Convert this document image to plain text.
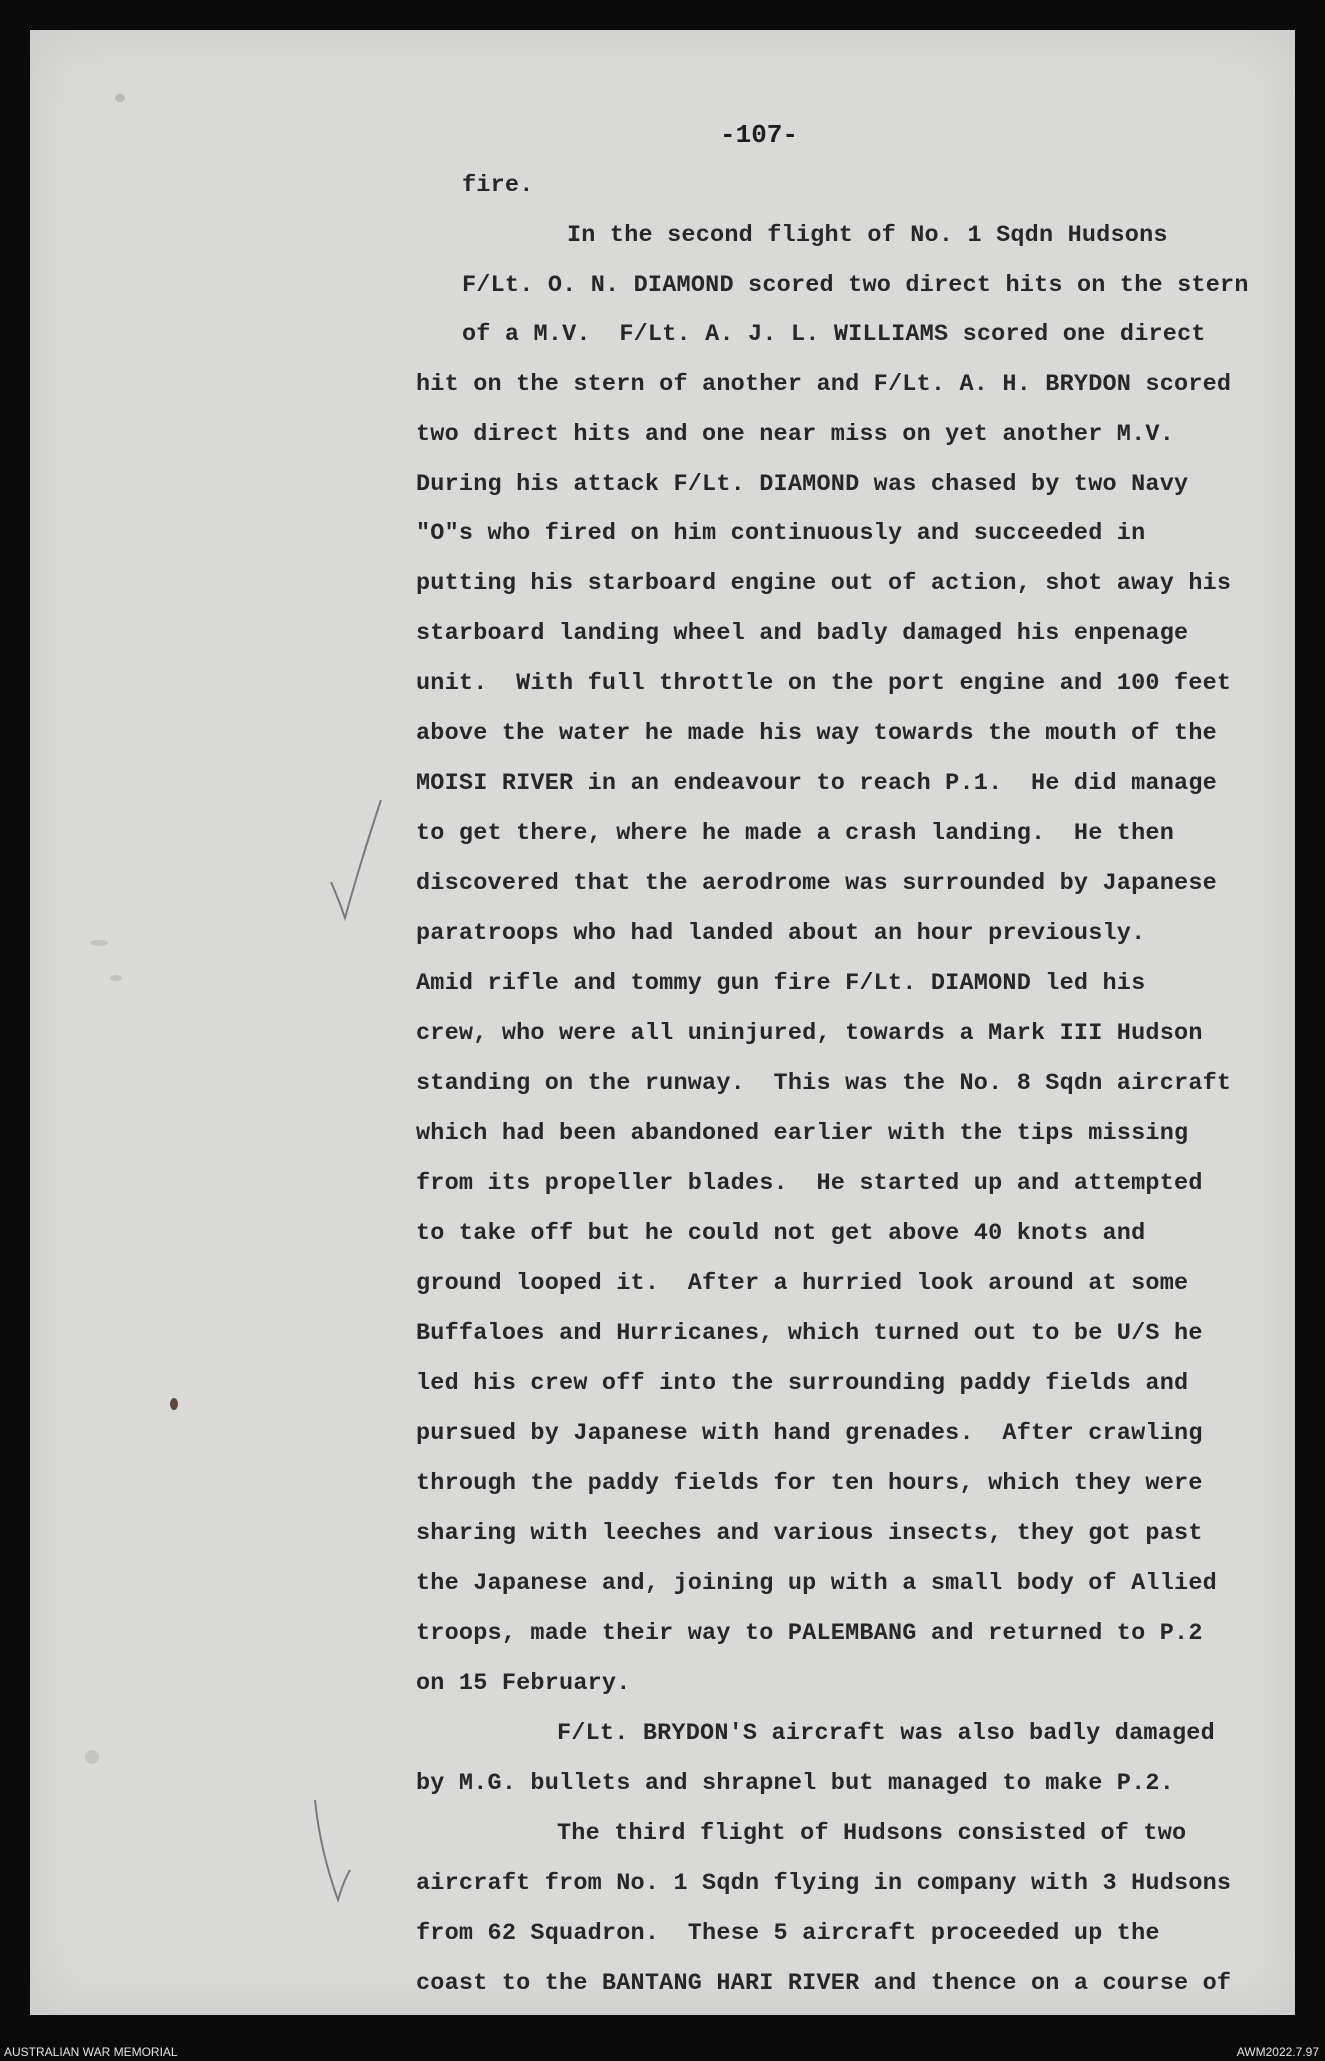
-107-
fire.
In the second flight of No. 1 Sqdn Hudsons
F/Lt. O. N. DIAMOND scored two direct hits on the stern
of a M.V.  F/Lt. A. J. L. WILLIAMS scored one direct
hit on the stern of another and F/Lt. A. H. BRYDON scored
two direct hits and one near miss on yet another M.V.
During his attack F/Lt. DIAMOND was chased by two Navy
"O"s who fired on him continuously and succeeded in
putting his starboard engine out of action, shot away his
starboard landing wheel and badly damaged his enpenage
unit.  With full throttle on the port engine and 100 feet
above the water he made his way towards the mouth of the
MOISI RIVER in an endeavour to reach P.1.  He did manage
to get there, where he made a crash landing.  He then
discovered that the aerodrome was surrounded by Japanese
paratroops who had landed about an hour previously.
Amid rifle and tommy gun fire F/Lt. DIAMOND led his
crew, who were all uninjured, towards a Mark III Hudson
standing on the runway.  This was the No. 8 Sqdn aircraft
which had been abandoned earlier with the tips missing
from its propeller blades.  He started up and attempted
to take off but he could not get above 40 knots and
ground looped it.  After a hurried look around at some
Buffaloes and Hurricanes, which turned out to be U/S he
led his crew off into the surrounding paddy fields and
pursued by Japanese with hand grenades.  After crawling
through the paddy fields for ten hours, which they were
sharing with leeches and various insects, they got past
the Japanese and, joining up with a small body of Allied
troops, made their way to PALEMBANG and returned to P.2
on 15 February.
F/Lt. BRYDON'S aircraft was also badly damaged
by M.G. bullets and shrapnel but managed to make P.2.
The third flight of Hudsons consisted of two
aircraft from No. 1 Sqdn flying in company with 3 Hudsons
from 62 Squadron.  These 5 aircraft proceeded up the
coast to the BANTANG HARI RIVER and thence on a course of
AUSTRALIAN WAR MEMORIAL	AWM2022.7.97
